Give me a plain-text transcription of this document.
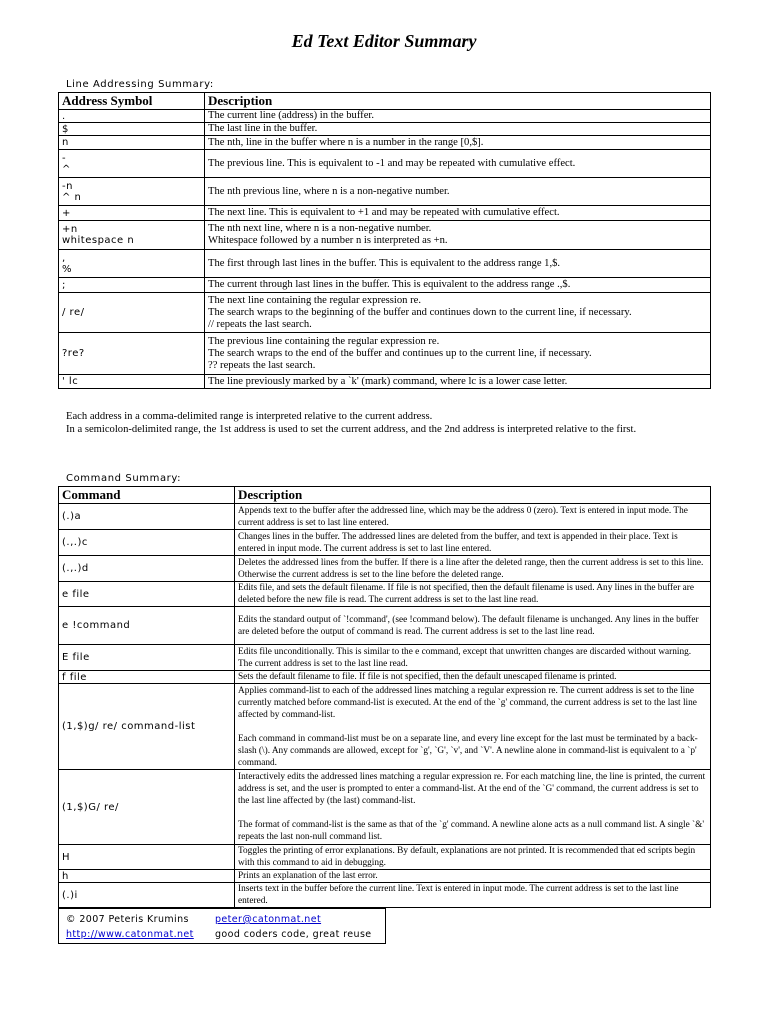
Ed Text Editor Summary
Line Addressing Summary:
Address Symbol	Description
.	The current line (address) in the buffer.
$	The last line in the buffer.
n	The nth, line in the buffer where n is a number in the range [0,$].
-
^	The previous line. This is equivalent to -1 and may be repeated with cumulative effect.
-n
^ n	The nth previous line, where n is a non-negative number.
+	The next line. This is equivalent to +1 and may be repeated with cumulative effect.
+n
whitespace n	The nth next line, where n is a non-negative number.
Whitespace followed by a number n is interpreted as +n.
,
%	The first through last lines in the buffer. This is equivalent to the address range 1,$.
;	The current through last lines in the buffer. This is equivalent to the address range .,$.
/ re/	The next line containing the regular expression re.
The search wraps to the beginning of the buffer and continues down to the current line, if necessary.
// repeats the last search.
?re?	The previous line containing the regular expression re.
The search wraps to the end of the buffer and continues up to the current line, if necessary.
?? repeats the last search.
' lc	The line previously marked by a `k' (mark) command, where lc is a lower case letter.
Each address in a comma-delimited range is interpreted relative to the current address.
In a semicolon-delimited range, the 1st address is used to set the current address, and the 2nd address is interpreted relative to the first.
Command Summary:
Command	Description
(.)a	Appends text to the buffer after the addressed line, which may be the address 0 (zero). Text is entered in input mode. The current address is set to last line entered.
(.,.)c	Changes lines in the buffer. The addressed lines are deleted from the buffer, and text is appended in their place. Text is entered in input mode. The current address is set to last line entered.
(.,.)d	Deletes the addressed lines from the buffer. If there is a line after the deleted range, then the current address is set to this line. Otherwise the current address is set to the line before the deleted range.
e file	Edits file, and sets the default filename. If file is not specified, then the default filename is used. Any lines in the buffer are deleted before the new file is read. The current address is set to the last line read.
e !command	Edits the standard output of `!command', (see !command below). The default filename is unchanged. Any lines in the buffer are deleted before the output of command is read. The current address is set to the last line read.
E file	Edits file unconditionally. This is similar to the e command, except that unwritten changes are discarded without warning. The current address is set to the last line read.
f file	Sets the default filename to file. If file is not specified, then the default unescaped filename is printed.
(1,$)g/ re/ command-list	Applies command-list to each of the addressed lines matching a regular expression re. The current address is set to the line currently matched before command-list is executed. At the end of the `g' command, the current address is set to the last line affected by command-list.

Each command in command-list must be on a separate line, and every line except for the last must be terminated by a back-slash (\). Any commands are allowed, except for `g', `G', `v', and `V'. A newline alone in command-list is equivalent to a `p' command.
(1,$)G/ re/	Interactively edits the addressed lines matching a regular expression re. For each matching line, the line is printed, the current address is set, and the user is prompted to enter a command-list. At the end of the `G' command, the current address is set to the last line affected by (the last) command-list.

The format of command-list is the same as that of the `g' command. A newline alone acts as a null command list. A single `&' repeats the last non-null command list.
H	Toggles the printing of error explanations. By default, explanations are not printed. It is recommended that ed scripts begin with this command to aid in debugging.
h	Prints an explanation of the last error.
(.)i	Inserts text in the buffer before the current line. Text is entered in input mode. The current address is set to the last line entered.
© 2007 Peteris Krumins	peter@catonmat.net
http://www.catonmat.net good coders code, great reuse
